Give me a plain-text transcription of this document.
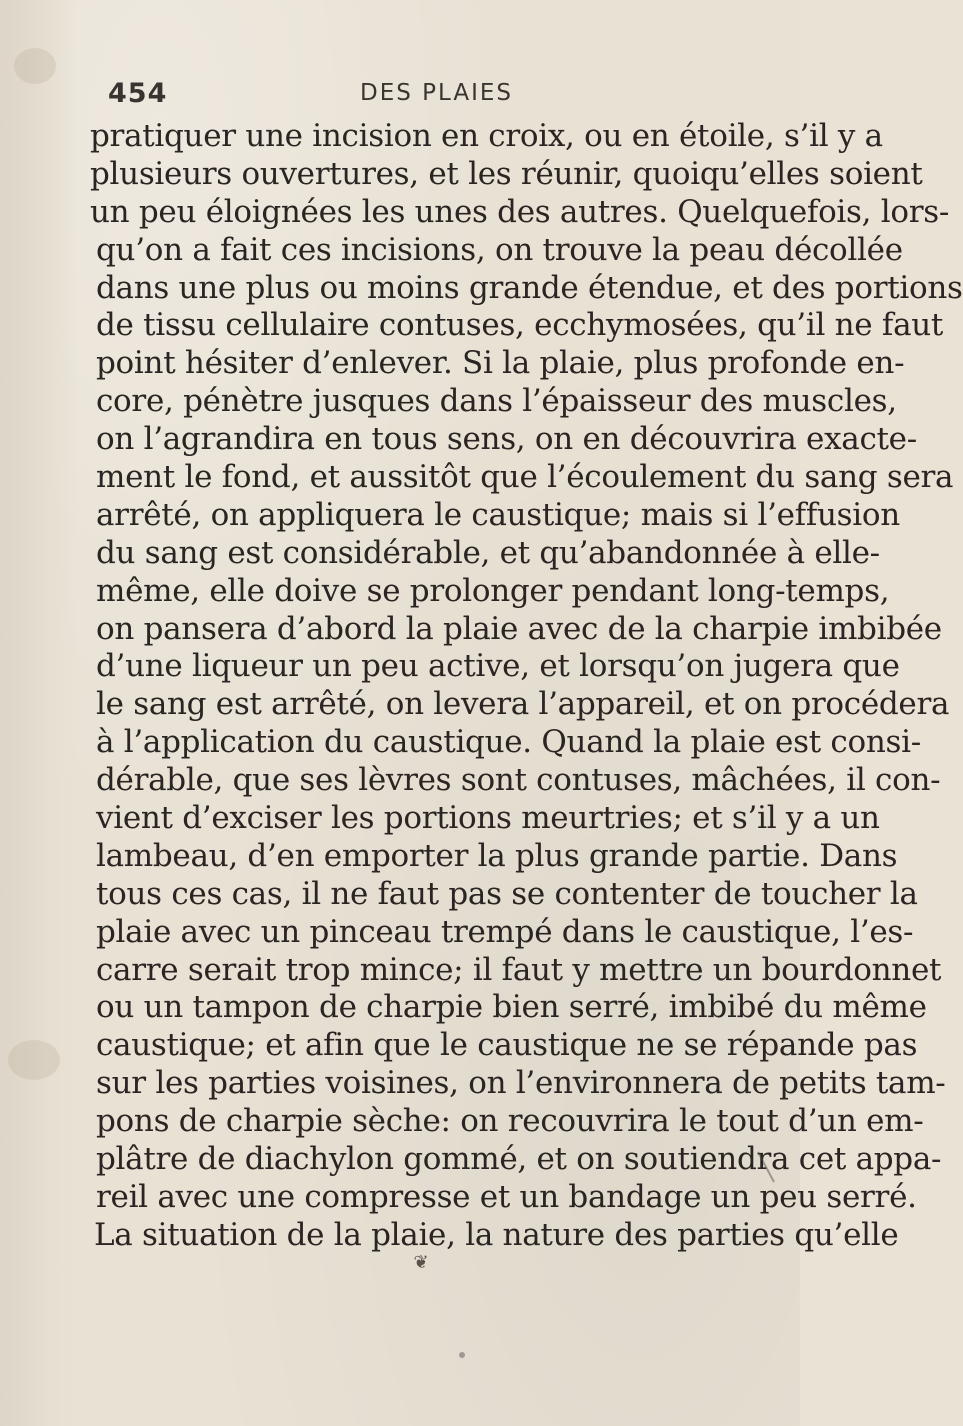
454	DES PLAIES
pratiquer une incision en croix, ou en étoile, s’il y a
plusieurs ouvertures, et les réunir, quoiqu’elles soient
un peu éloignées les unes des autres. Quelquefois, lors-
qu’on a fait ces incisions, on trouve la peau décollée
dans une plus ou moins grande étendue, et des portions
de tissu cellulaire contuses, ecchymosées, qu’il ne faut
point hésiter d’enlever. Si la plaie, plus profonde en-
core, pénètre jusques dans l’épaisseur des muscles,
on l’agrandira en tous sens, on en découvrira exacte-
ment le fond, et aussitôt que l’écoulement du sang sera
arrêté, on appliquera le caustique; mais si l’effusion
du sang est considérable, et qu’abandonnée à elle-
même, elle doive se prolonger pendant long-temps,
on pansera d’abord la plaie avec de la charpie imbibée
d’une liqueur un peu active, et lorsqu’on jugera que
le sang est arrêté, on levera l’appareil, et on procédera
à l’application du caustique. Quand la plaie est consi-
dérable, que ses lèvres sont contuses, mâchées, il con-
vient d’exciser les portions meurtries; et s’il y a un
lambeau, d’en emporter la plus grande partie. Dans
tous ces cas, il ne faut pas se contenter de toucher la
plaie avec un pinceau trempé dans le caustique, l’es-
carre serait trop mince; il faut y mettre un bourdonnet
ou un tampon de charpie bien serré, imbibé du même
caustique; et afin que le caustique ne se répande pas
sur les parties voisines, on l’environnera de petits tam-
pons de charpie sèche: on recouvrira le tout d’un em-
plâtre de diachylon gommé, et on soutiendra cet appa-
reil avec une compresse et un bandage un peu serré.
La situation de la plaie, la nature des parties qu’elle
❦
